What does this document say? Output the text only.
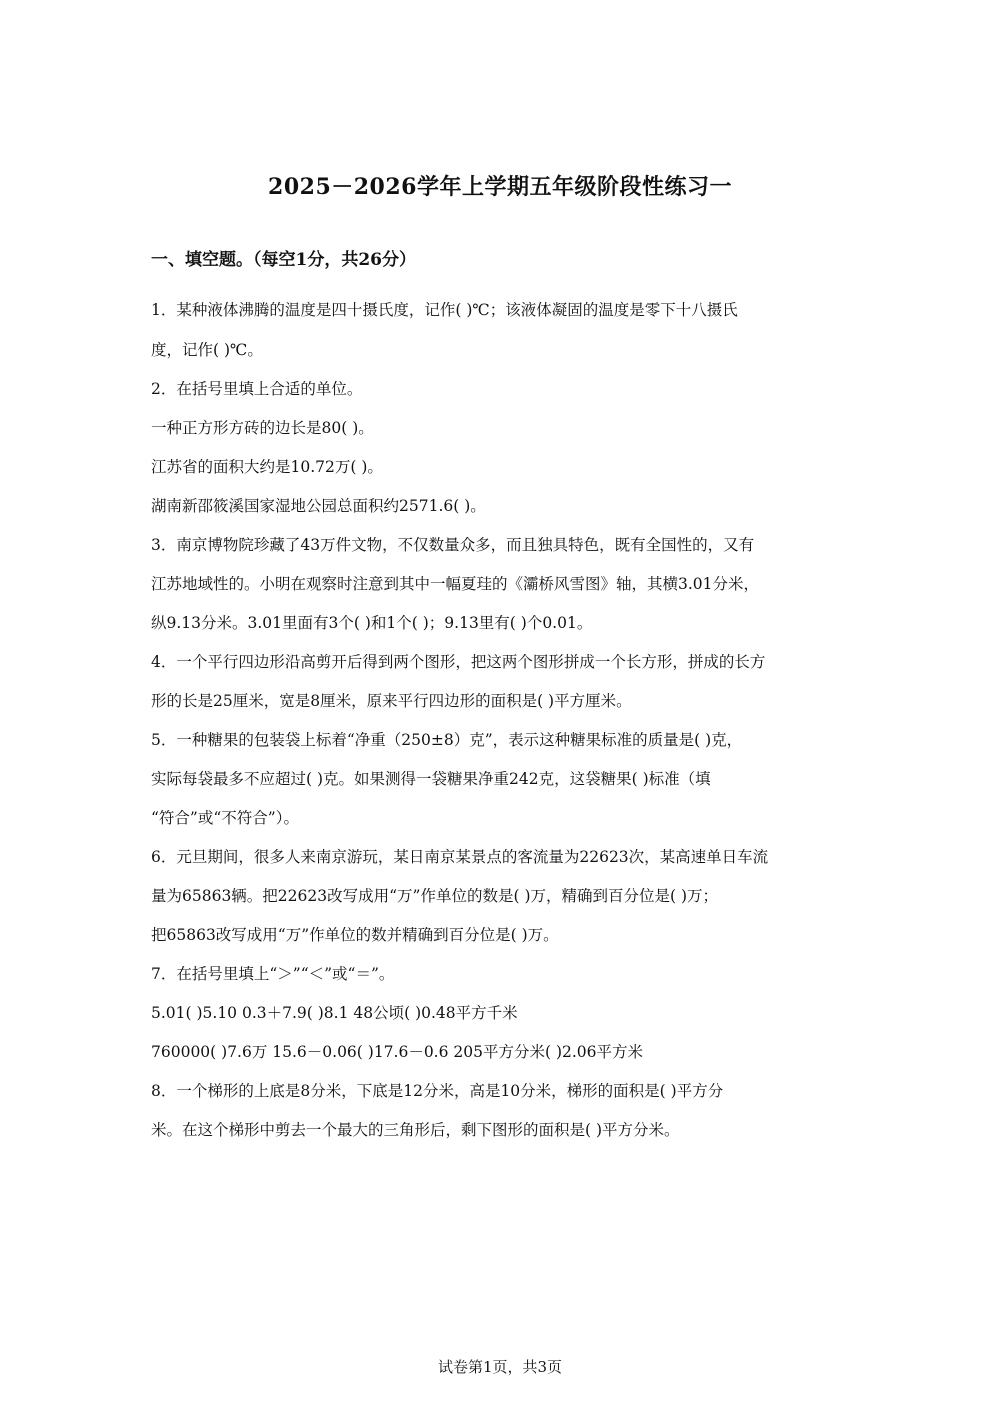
2025－2026学年上学期五年级阶段性练习一
一、填空题。（每空1分，共26分）
1．某种液体沸腾的温度是四十摄氏度，记作( )℃；该液体凝固的温度是零下十八摄氏
度，记作( )℃。
2．在括号里填上合适的单位。
一种正方形方砖的边长是80( )。
江苏省的面积大约是10.72万( )。
湖南新邵筱溪国家湿地公园总面积约2571.6( )。
3．南京博物院珍藏了43万件文物，不仅数量众多，而且独具特色，既有全国性的，又有
江苏地域性的。小明在观察时注意到其中一幅夏珪的《灞桥风雪图》轴，其横3.01分米，
纵9.13分米。3.01里面有3个( )和1个( )；9.13里有( )个0.01。
4．一个平行四边形沿高剪开后得到两个图形，把这两个图形拼成一个长方形，拼成的长方
形的长是25厘米，宽是8厘米，原来平行四边形的面积是( )平方厘米。
5．一种糖果的包装袋上标着“净重（250±8）克”，表示这种糖果标准的质量是( )克，
实际每袋最多不应超过( )克。如果测得一袋糖果净重242克，这袋糖果( )标准（填
“符合”或“不符合”）。
6．元旦期间，很多人来南京游玩，某日南京某景点的客流量为22623次，某高速单日车流
量为65863辆。把22623改写成用“万”作单位的数是( )万，精确到百分位是( )万；
把65863改写成用“万”作单位的数并精确到百分位是( )万。
7．在括号里填上“＞”“＜”或“＝”。
5.01( )5.10 0.3＋7.9( )8.1 48公顷( )0.48平方千米
760000( )7.6万 15.6－0.06( )17.6－0.6 205平方分米( )2.06平方米
8．一个梯形的上底是8分米，下底是12分米，高是10分米，梯形的面积是( )平方分
米。在这个梯形中剪去一个最大的三角形后，剩下图形的面积是( )平方分米。
试卷第1页，共3页
